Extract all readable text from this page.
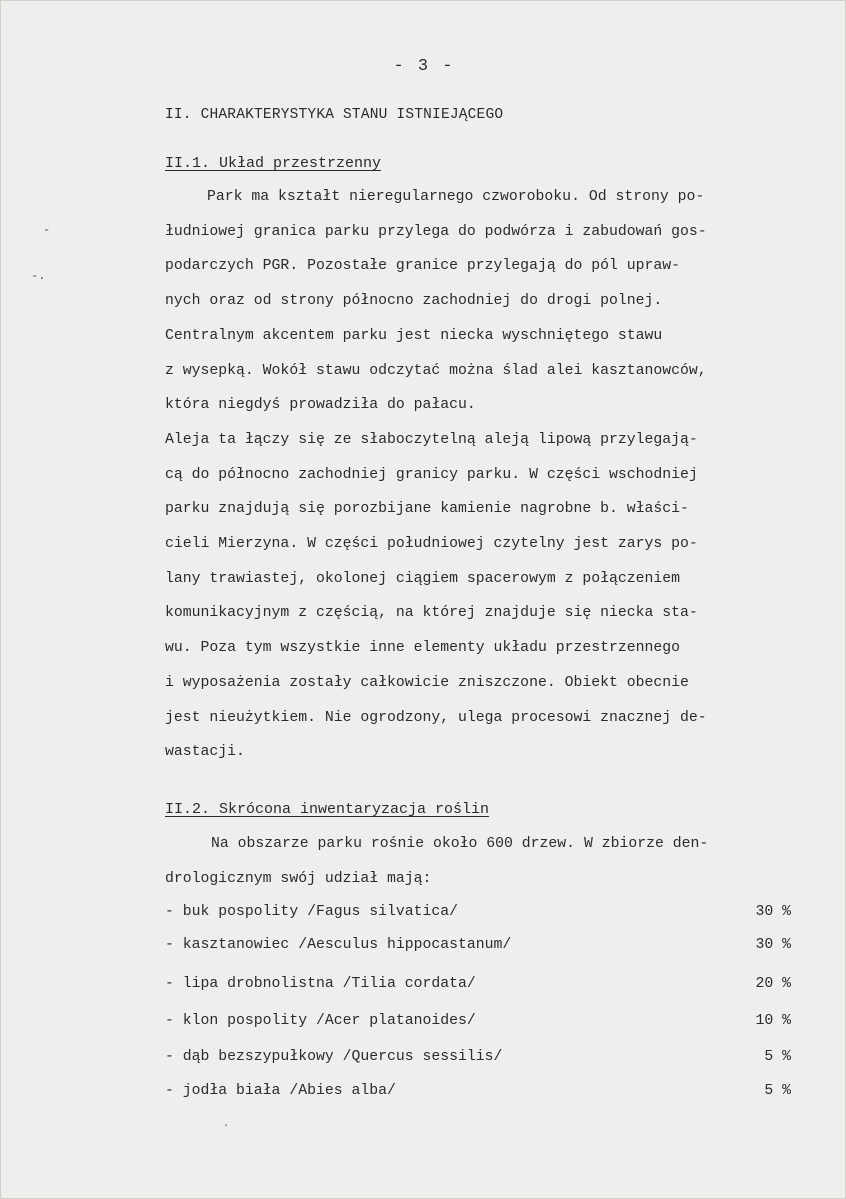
-
-.
- 3 -
II. CHARAKTERYSTYKA STANU ISTNIEJĄCEGO
II.1. Układ przestrzenny
Park ma kształt nieregularnego czworoboku. Od strony po-
łudniowej granica parku przylega do podwórza i zabudowań gos-
podarczych PGR. Pozostałe granice przylegają do pól upraw-
nych oraz od strony północno zachodniej do drogi polnej.
Centralnym akcentem parku jest niecka wyschniętego stawu
z wysepką. Wokół stawu odczytać można ślad alei kasztanowców,
która niegdyś prowadziła do pałacu.
Aleja ta łączy się ze słaboczytelną aleją lipową przylegają-
cą do północno zachodniej granicy parku. W części wschodniej
parku znajdują się porozbijane kamienie nagrobne b. właści-
cieli Mierzyna. W części południowej czytelny jest zarys po-
lany trawiastej, okolonej ciągiem spacerowym z połączeniem
komunikacyjnym z częścią, na której znajduje się niecka sta-
wu. Poza tym wszystkie inne elementy układu przestrzennego
i wyposażenia zostały całkowicie zniszczone. Obiekt obecnie
jest nieużytkiem. Nie ogrodzony, ulega procesowi znacznej de-
wastacji.
II.2. Skrócona inwentaryzacja roślin
Na obszarze parku rośnie około 600 drzew. W zbiorze den-
drologicznym swój udział mają:
- buk pospolity /Fagus silvatica/	30 %
- kasztanowiec /Aesculus hippocastanum/	30 %
- lipa drobnolistna /Tilia cordata/	20 %
- klon pospolity /Acer platanoides/	10 %
- dąb bezszypułkowy /Quercus sessilis/	5 %
- jodła biała /Abies alba/	5 %
·
